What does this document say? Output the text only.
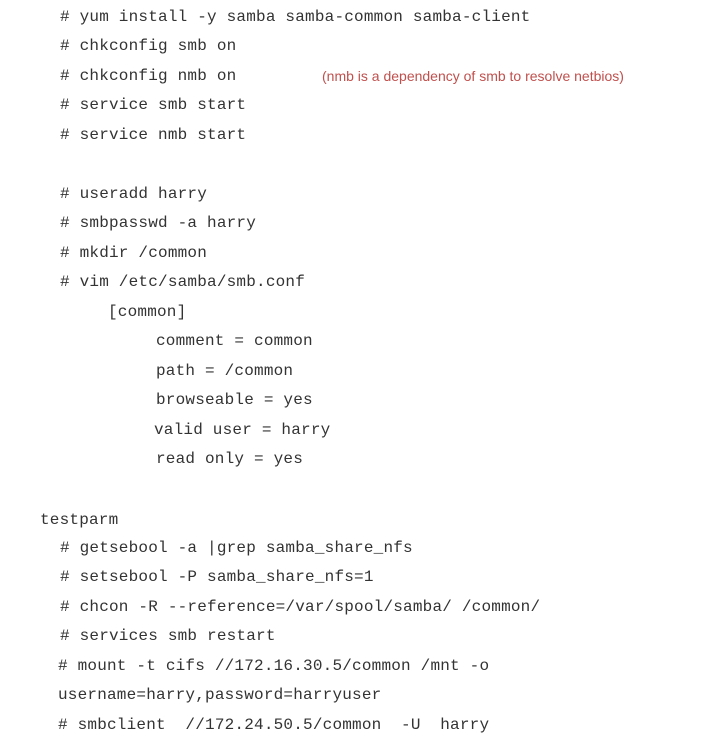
# yum install -y samba samba-common samba-client
# chkconfig smb on
# chkconfig nmb on	(nmb is a dependency of smb to resolve netbios)
# service smb start
# service nmb start
# useradd harry
# smbpasswd -a harry
# mkdir /common
# vim /etc/samba/smb.conf
[common]
comment = common
path = /common
browseable = yes
valid user = harry
read only = yes
testparm
# getsebool -a |grep samba_share_nfs
# setsebool -P samba_share_nfs=1
# chcon -R --reference=/var/spool/samba/ /common/
# services smb restart
# mount -t cifs //172.16.30.5/common /mnt -o
username=harry,password=harryuser
# smbclient  //172.24.50.5/common  -U  harry
